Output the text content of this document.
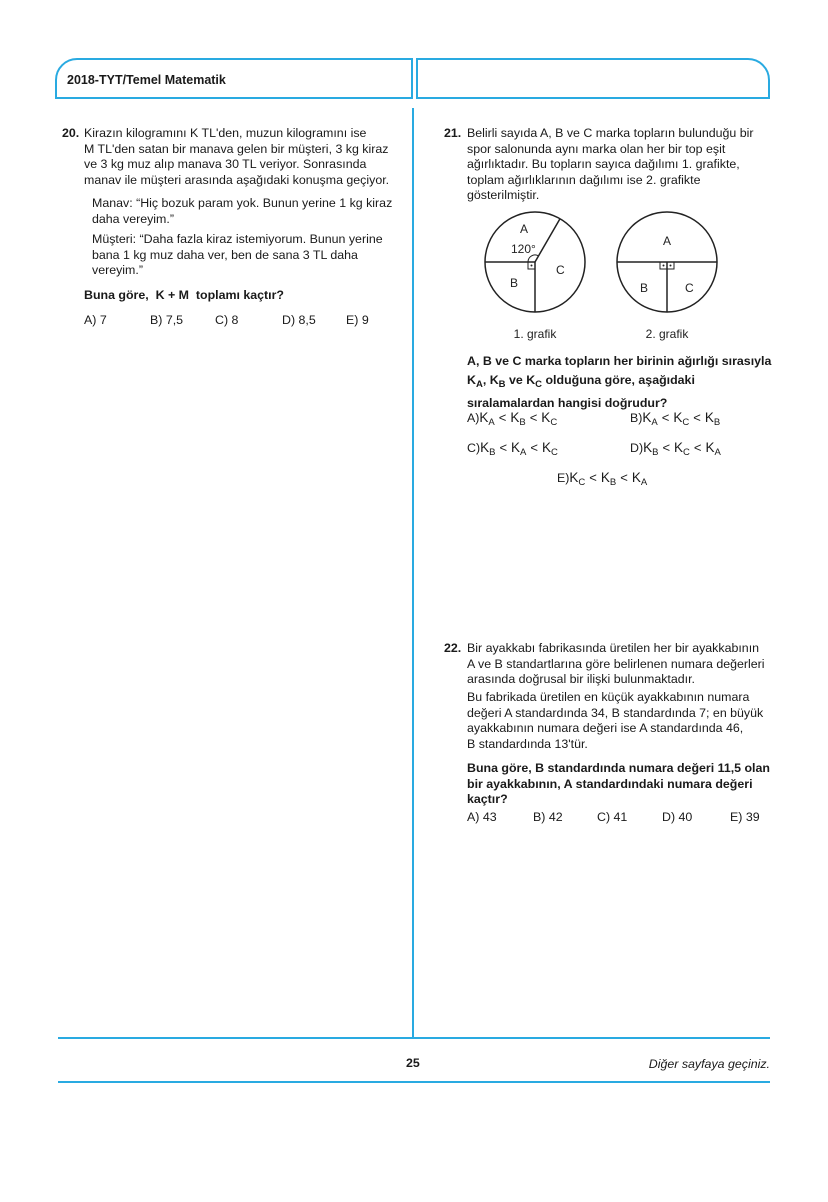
2018-TYT/Temel Matematik
20. Kirazın kilogramını K TL'den, muzun kilogramını ise
M TL'den satan bir manava gelen bir müşteri, 3 kg kiraz
ve 3 kg muz alıp manava 30 TL veriyor. Sonrasında
manav ile müşteri arasında aşağıdaki konuşma geçiyor.
Manav: “Hiç bozuk param yok. Bunun yerine 1 kg kiraz
daha vereyim.”
Müşteri: “Daha fazla kiraz istemiyorum. Bunun yerine
bana 1 kg muz daha ver, ben de sana 3 TL daha
vereyim.”
Buna göre,  K + M  toplamı kaçtır?
A) 7	B) 7,5	C) 8	D) 8,5 E) 9
21. Belirli sayıda A, B ve C marka topların bulunduğu bir
spor salonunda aynı marka olan her bir top eşit
ağırlıktadır. Bu topların sayıca dağılımı 1. grafikte,
toplam ağırlıklarının dağılımı ise 2. grafikte
gösterilmiştir.
A
120°
B
C
1. grafik
A
B	C
2. grafik
A, B ve C marka topların her birinin ağırlığı sırasıyla
$K_A$, $K_B$ ve $K_C$ olduğuna göre, aşağıdaki
sıralamalardan hangisi doğrudur?
$A)K_A < K_B < K_C$	$B)K_A < K_C < K_B$
$C)K_B < K_A < K_C$	$D)K_B < K_C < K_A$
$E)K_C < K_B < K_A$
22. Bir ayakkabı fabrikasında üretilen her bir ayakkabının
A ve B standartlarına göre belirlenen numara değerleri
arasında doğrusal bir ilişki bulunmaktadır.
Bu fabrikada üretilen en küçük ayakkabının numara
değeri A standardında 34, B standardında 7; en büyük
ayakkabının numara değeri ise A standardında 46,
B standardında 13'tür.
Buna göre, B standardında numara değeri 11,5 olan
bir ayakkabının, A standardındaki numara değeri
kaçtır?
A) 43	B) 42	C) 41	D) 40	E) 39
25	Diğer sayfaya geçiniz.
